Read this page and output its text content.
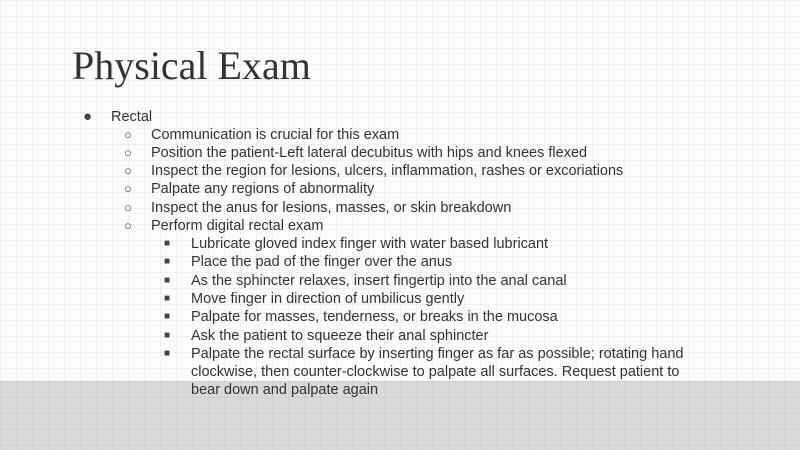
Physical Exam
● Rectal
○ Communication is crucial for this exam
○ Position the patient-Left lateral decubitus with hips and knees flexed
○ Inspect the region for lesions, ulcers, inflammation, rashes or excoriations
○ Palpate any regions of abnormality
○ Inspect the anus for lesions, masses, or skin breakdown
○ Perform digital rectal exam
■ Lubricate gloved index finger with water based lubricant
■ Place the pad of the finger over the anus
■ As the sphincter relaxes, insert fingertip into the anal canal
■ Move finger in direction of umbilicus gently
■ Palpate for masses, tenderness, or breaks in the mucosa
■ Ask the patient to squeeze their anal sphincter
■ Palpate the rectal surface by inserting finger as far as possible; rotating hand clockwise, then counter-clockwise to palpate all surfaces. Request patient to bear down and palpate again
